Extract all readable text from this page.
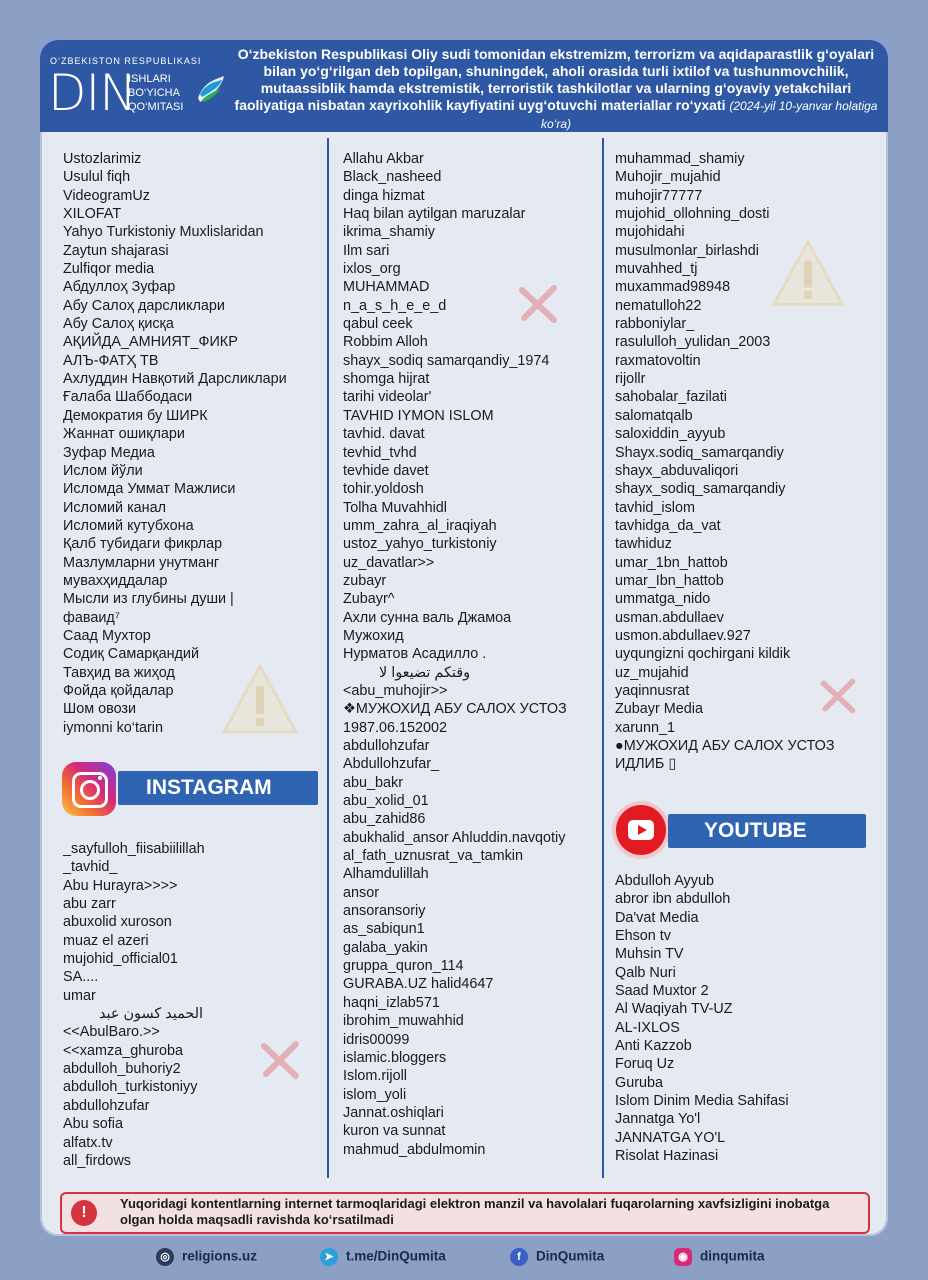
O‘ZBEKISTON RESPUBLIKASI
DIN
ISHLARI
BO‘YICHA
QO‘MITASI
O‘zbekiston Respublikasi Oliy sudi tomonidan ekstremizm, terrorizm va aqidaparastlik g‘oyalari bilan yo‘g‘rilgan deb topilgan, shuningdek, aholi orasida turli ixtilof va tushunmovchilik, mutaassiblik hamda ekstremistik, terroristik tashkilotlar va ularning g‘oyaviy yetakchilari faoliyatiga nisbatan xayrixohlik kayfiyatini uyg‘otuvchi materiallar ro‘yxati (2024-yil 10-yanvar holatiga ko‘ra)
Ustozlarimiz
Usulul fiqh
VideogramUz
XILOFAT
Yahyo Turkistoniy Muxlislaridan
Zaytun shajarasi
Zulfiqor media
Абдуллоҳ Зуфар
Абу Салоҳ дарсликлари
Абу Салоҳ қисқа
АҚИЙДА_АМНИЯТ_ФИКР
АЛЪ-ФАТҲ ТВ
Ахлуддин Навқотий Дарсликлари
Ғалаба Шаббодаси
Демократия бу ШИРК
Жаннат ошиқлари
Зуфар Медиа
Ислом йўли
Исломда Уммат Мажлиси
Исломий канал
Исломий кутубхона
Қалб тубидаги фикрлар
Мазлумларни унутманг
мувахҳиддалар
Мысли из глубины души |
фаваид⁷
Саад Мухтор
Содиқ Самарқандий
Тавҳид ва жиҳод
Фойда қойдалар
Шом овози
iymonni ko‘tarin
INSTAGRAM
_sayfulloh_fiisabiilillah
_tavhid_
Abu Hurayra>>>>
abu zarr
abuxolid xuroson
muaz el azeri
mujohid_official01
SA....
umar
الحميد كسون عبد
<<AbulBaro.>>
<<xamza_ghuroba
abdulloh_buhoriy2
abdulloh_turkistoniyy
abdullohzufar
Abu sofia
alfatx.tv
all_firdows
Allahu Akbar
Black_nasheed
dinga hizmat
Haq bilan aytilgan maruzalar
ikrima_shamiy
Ilm sari
ixlos_org
MUHAMMAD
n_a_s_h_e_e_d
qabul ceek
Robbim Alloh
shayx_sodiq samarqandiy_1974
shomga hijrat
tarihi videolar'
TAVHID IYMON ISLOM
tavhid. davat
tevhid_tvhd
tevhide davet
tohir.yoldosh
Tolha Muvahhidl
umm_zahra_al_iraqiyah
ustoz_yahyo_turkistoniy
uz_davatlar>>
zubayr
Zubayr^
Ахли сунна валь Джамоа
Мужохид
Нурматов Асадилло .
وقتكم تضيعوا لا
<abu_muhojir>>
❖МУЖОХИД АБУ САЛОХ УСТОЗ
1987.06.152002
abdullohzufar
Abdullohzufar_
abu_bakr
abu_xolid_01
abu_zahid86
abukhalid_ansor Ahluddin.navqotiy
al_fath_uznusrat_va_tamkin
Alhamdulillah
ansor
ansoransoriy
as_sabiqun1
galaba_yakin
gruppa_quron_114
GURABA.UZ halid4647
haqni_izlab571
ibrohim_muwahhid
idris00099
islamic.bloggers
Islom.rijoll
islom_yoli
Jannat.oshiqlari
kuron va sunnat
mahmud_abdulmomin
muhammad_shamiy
Muhojir_mujahid
muhojir77777
mujohid_ollohning_dosti
mujohidahi
musulmonlar_birlashdi
muvahhed_tj
muxammad98948
nematulloh22
rabboniylar_
rasululloh_yulidan_2003
raxmatovoltin
rijollr
sahobalar_fazilati
salomatqalb
saloxiddin_ayyub
Shayx.sodiq_samarqandiy
shayx_abduvaliqori
shayx_sodiq_samarqandiy
tavhid_islom
tavhidga_da_vat
tawhiduz
umar_1bn_hattob
umar_Ibn_hattob
ummatga_nido
usman.abdullaev
usmon.abdullaev.927
uyqungizni qochirgani kildik
uz_mujahid
yaqinnusrat
Zubayr Media
xarunn_1
●МУЖОХИД АБУ САЛОХ УСТОЗ
ИДЛИБ ▯
YOUTUBE
Abdulloh Ayyub
abror ibn abdulloh
Da'vat Media
Ehson tv
Muhsin TV
Qalb Nuri
Saad Muxtor 2
Al Waqiyah TV-UZ
AL-IXLOS
Anti Kazzob
Foruq Uz
Guruba
Islom Dinim Media Sahifasi
Jannatga Yo'l
JANNATGA YO'L
Risolat Hazinasi
!
Yuqoridagi kontentlarning internet tarmoqlaridagi elektron manzil va havolalari fuqarolarning xavfsizligini inobatga olgan holda maqsadli ravishda ko‘rsatilmadi
◎ religions.uz	➤ t.me/DinQumita	f DinQumita	◉ dinqumita
